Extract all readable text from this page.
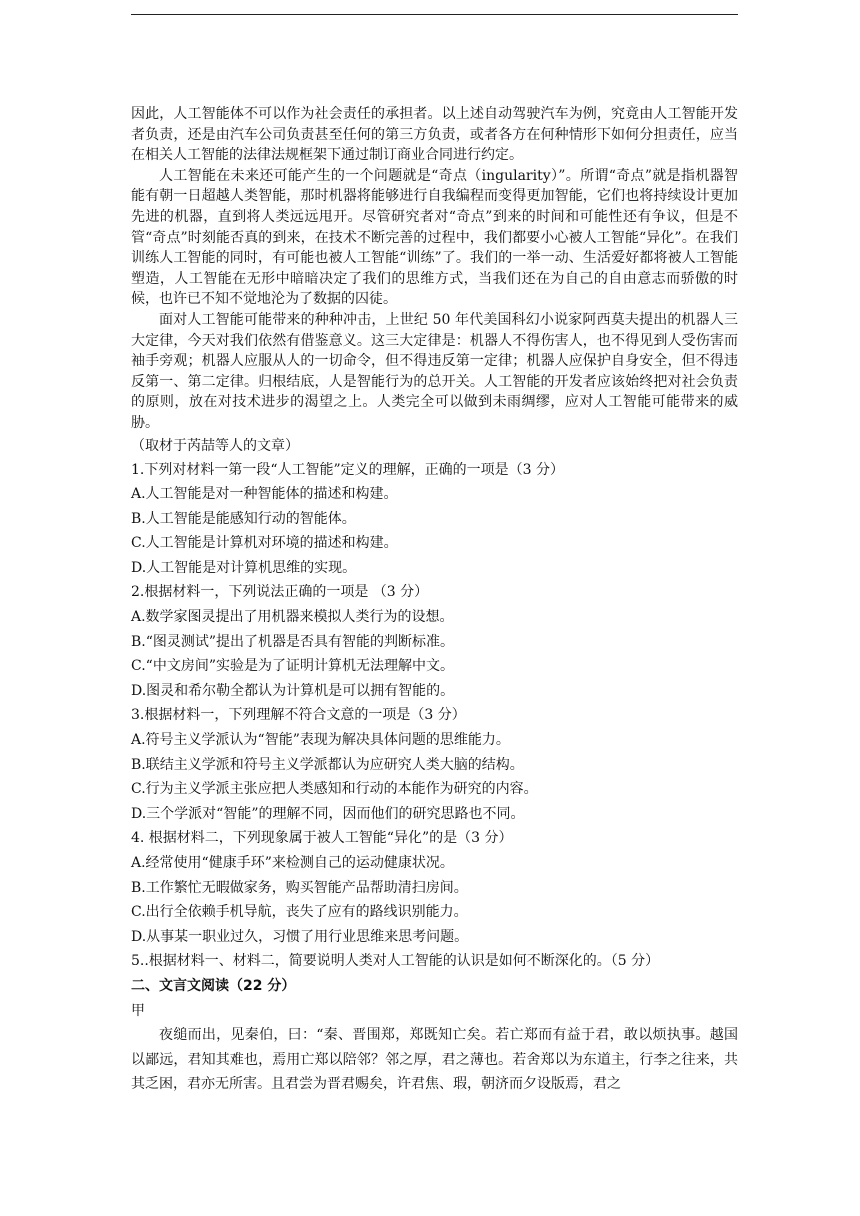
因此，人工智能体不可以作为社会责任的承担者。以上述自动驾驶汽车为例，究竟由人工智能开发者负责，还是由汽车公司负责甚至任何的第三方负责，或者各方在何种情形下如何分担责任，应当在相关人工智能的法律法规框架下通过制订商业合同进行约定。

人工智能在未来还可能产生的一个问题就是“奇点（ingularity）”。所谓“奇点”就是指机器智能有朝一日超越人类智能，那时机器将能够进行自我编程而变得更加智能，它们也将持续设计更加先进的机器，直到将人类远远甩开。尽管研究者对“奇点”到来的时间和可能性还有争议，但是不管“奇点”时刻能否真的到来，在技术不断完善的过程中，我们都要小心被人工智能“异化”。在我们训练人工智能的同时，有可能也被人工智能“训练”了。我们的一举一动、生活爱好都将被人工智能塑造，人工智能在无形中暗暗决定了我们的思维方式，当我们还在为自己的自由意志而骄傲的时候，也许已不知不觉地沦为了数据的囚徒。

面对人工智能可能带来的种种冲击，上世纪 50 年代美国科幻小说家阿西莫夫提出的机器人三大定律，今天对我们依然有借鉴意义。这三大定律是：机器人不得伤害人，也不得见到人受伤害而袖手旁观；机器人应服从人的一切命令，但不得违反第一定律；机器人应保护自身安全，但不得违反第一、第二定律。归根结底，人是智能行为的总开关。人工智能的开发者应该始终把对社会负责的原则，放在对技术进步的渴望之上。人类完全可以做到未雨绸缪，应对人工智能可能带来的威胁。

（取材于芮喆等人的文章）

1.下列对材料一第一段“人工智能”定义的理解，正确的一项是（3 分）

A.人工智能是对一种智能体的描述和构建。

B.人工智能是能感知行动的智能体。

C.人工智能是计算机对环境的描述和构建。

D.人工智能是对计算机思维的实现。

2.根据材料一，下列说法正确的一项是 （3 分）

A.数学家图灵提出了用机器来模拟人类行为的设想。

B.“图灵测试”提出了机器是否具有智能的判断标准。

C.“中文房间”实验是为了证明计算机无法理解中文。

D.图灵和希尔勒全都认为计算机是可以拥有智能的。

3.根据材料一，下列理解不符合文意的一项是（3 分）

A.符号主义学派认为“智能”表现为解决具体问题的思维能力。

B.联结主义学派和符号主义学派都认为应研究人类大脑的结构。

C.行为主义学派主张应把人类感知和行动的本能作为研究的内容。

D.三个学派对“智能”的理解不同，因而他们的研究思路也不同。

4. 根据材料二，下列现象属于被人工智能“异化”的是（3 分）

A.经常使用“健康手环”来检测自己的运动健康状况。

B.工作繁忙无暇做家务，购买智能产品帮助清扫房间。

C.出行全依赖手机导航，丧失了应有的路线识别能力。

D.从事某一职业过久，习惯了用行业思维来思考问题。

5..根据材料一、材料二，简要说明人类对人工智能的认识是如何不断深化的。（5 分）

二、文言文阅读（22 分）

甲

夜缒而出，见秦伯，曰：“秦、晋围郑，郑既知亡矣。若亡郑而有益于君，敢以烦执事。越国以鄙远，君知其难也，焉用亡郑以陪邻？邻之厚，君之薄也。若舍郑以为东道主，行李之往来，共其乏困，君亦无所害。且君尝为晋君赐矣，许君焦、瑕，朝济而夕设版焉，君之
